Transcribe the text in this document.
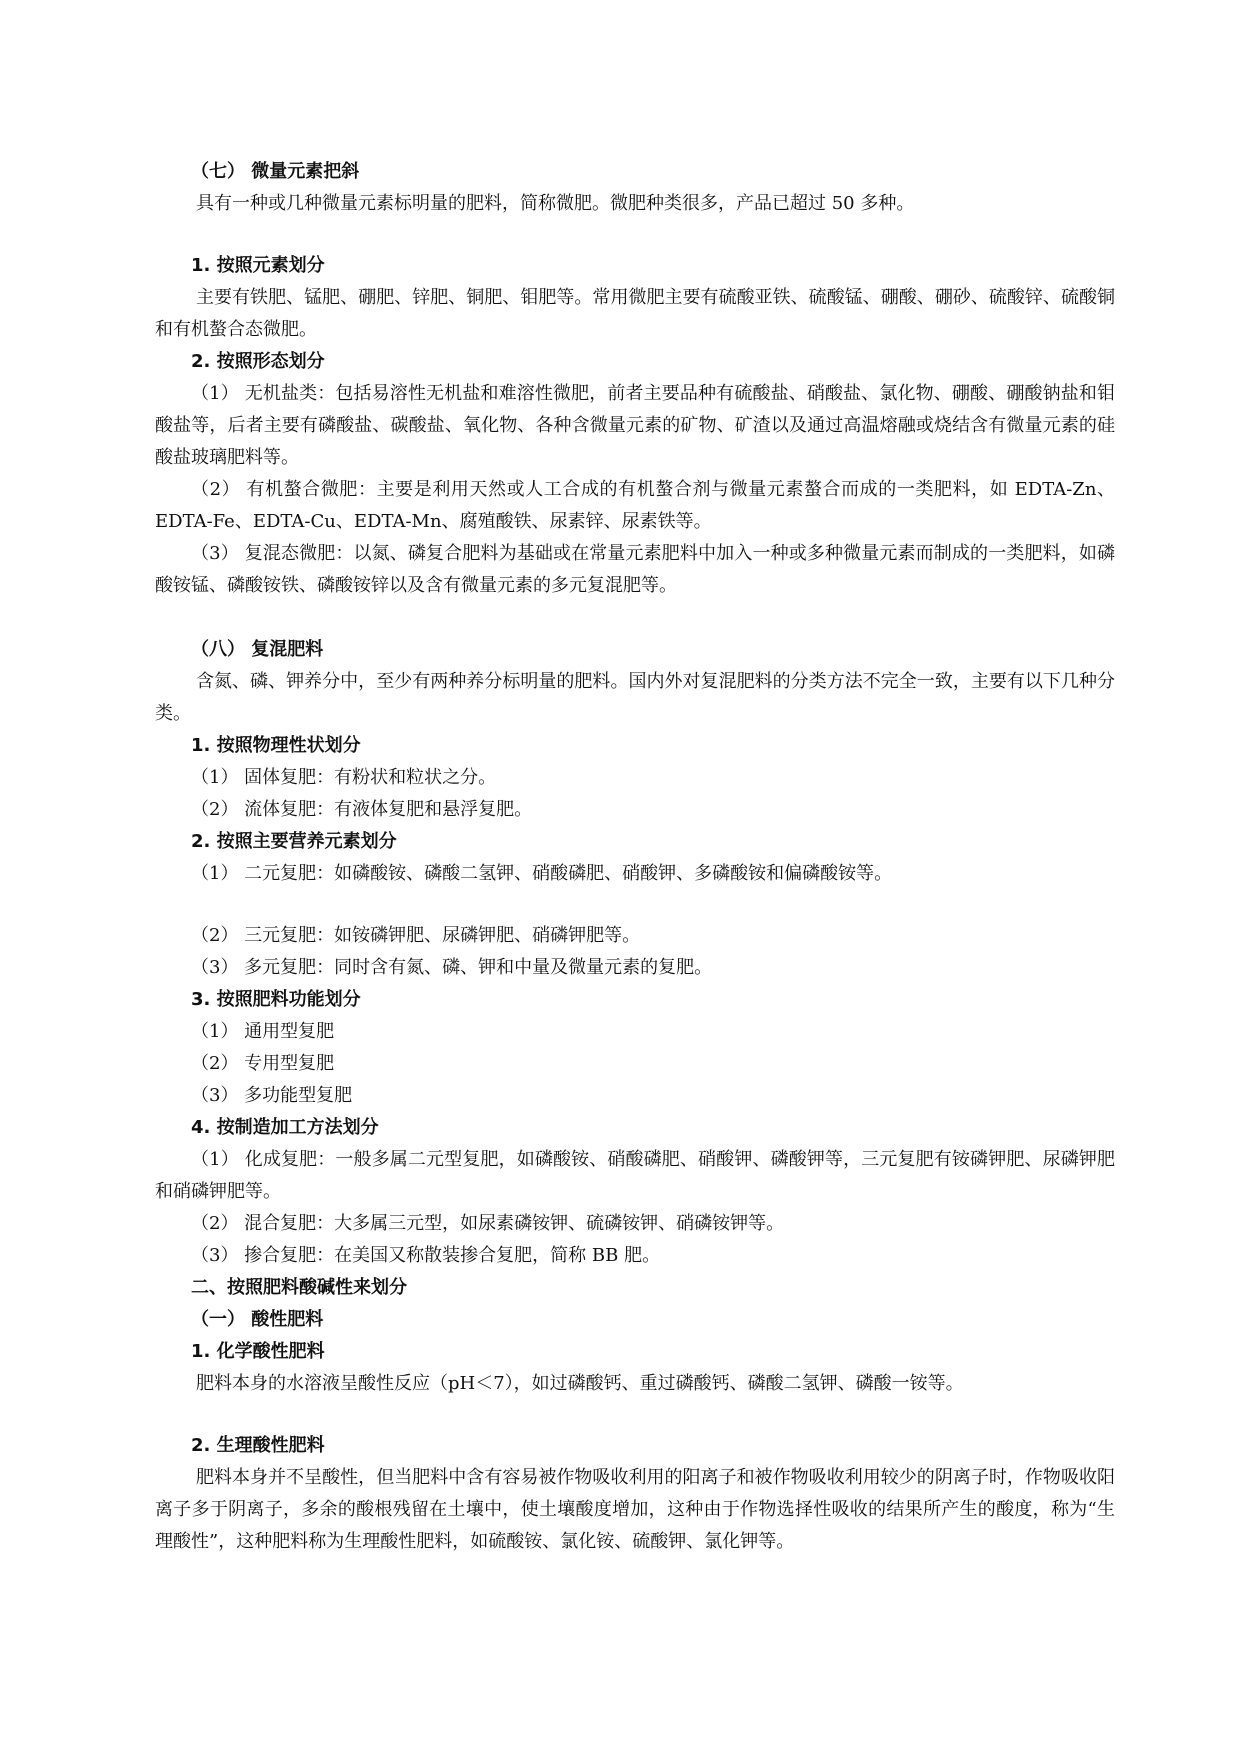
（七） 微量元素把斜
具有一种或几种微量元素标明量的肥料，简称微肥。微肥种类很多，产品已超过 50 多种。
1. 按照元素划分
主要有铁肥、锰肥、硼肥、锌肥、铜肥、钼肥等。常用微肥主要有硫酸亚铁、硫酸锰、硼酸、硼砂、硫酸锌、硫酸铜和有机螯合态微肥。
2. 按照形态划分
（1） 无机盐类：包括易溶性无机盐和难溶性微肥，前者主要品种有硫酸盐、硝酸盐、氯化物、硼酸、硼酸钠盐和钼酸盐等，后者主要有磷酸盐、碳酸盐、氧化物、各种含微量元素的矿物、矿渣以及通过高温熔融或烧结含有微量元素的硅酸盐玻璃肥料等。
（2） 有机螯合微肥：主要是利用天然或人工合成的有机螯合剂与微量元素螯合而成的一类肥料，如 EDTA-Zn、EDTA-Fe、EDTA-Cu、EDTA-Mn、腐殖酸铁、尿素锌、尿素铁等。
（3） 复混态微肥：以氮、磷复合肥料为基础或在常量元素肥料中加入一种或多种微量元素而制成的一类肥料，如磷酸铵锰、磷酸铵铁、磷酸铵锌以及含有微量元素的多元复混肥等。
（八） 复混肥料
含氮、磷、钾养分中，至少有两种养分标明量的肥料。国内外对复混肥料的分类方法不完全一致，主要有以下几种分类。
1. 按照物理性状划分
（1） 固体复肥：有粉状和粒状之分。
（2） 流体复肥：有液体复肥和悬浮复肥。
2. 按照主要营养元素划分
（1） 二元复肥：如磷酸铵、磷酸二氢钾、硝酸磷肥、硝酸钾、多磷酸铵和偏磷酸铵等。
（2） 三元复肥：如铵磷钾肥、尿磷钾肥、硝磷钾肥等。
（3） 多元复肥：同时含有氮、磷、钾和中量及微量元素的复肥。
3. 按照肥料功能划分
（1） 通用型复肥
（2） 专用型复肥
（3） 多功能型复肥
4. 按制造加工方法划分
（1） 化成复肥：一般多属二元型复肥，如磷酸铵、硝酸磷肥、硝酸钾、磷酸钾等，三元复肥有铵磷钾肥、尿磷钾肥和硝磷钾肥等。
（2） 混合复肥：大多属三元型，如尿素磷铵钾、硫磷铵钾、硝磷铵钾等。
（3） 掺合复肥：在美国又称散装掺合复肥，简称 BB 肥。
二、按照肥料酸碱性来划分
（一） 酸性肥料
1. 化学酸性肥料
肥料本身的水溶液呈酸性反应（pH＜7），如过磷酸钙、重过磷酸钙、磷酸二氢钾、磷酸一铵等。
2. 生理酸性肥料
肥料本身并不呈酸性，但当肥料中含有容易被作物吸收利用的阳离子和被作物吸收利用较少的阴离子时，作物吸收阳离子多于阴离子，多余的酸根残留在土壤中，使土壤酸度增加，这种由于作物选择性吸收的结果所产生的酸度，称为“生理酸性”，这种肥料称为生理酸性肥料，如硫酸铵、氯化铵、硫酸钾、氯化钾等。
